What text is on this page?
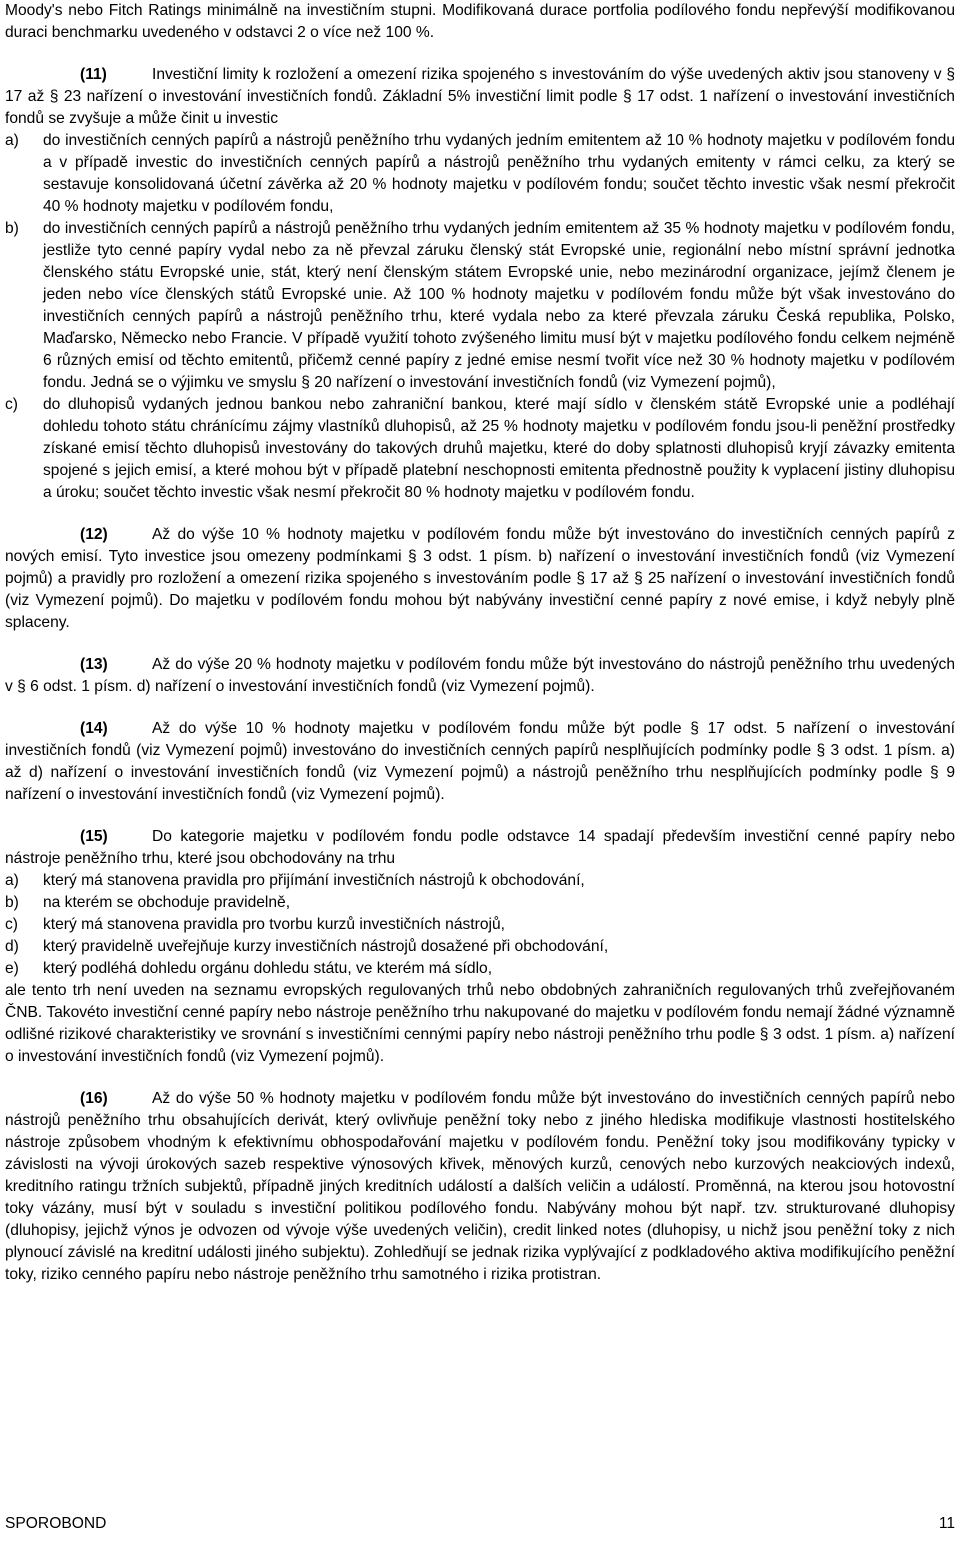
Moody's nebo Fitch Ratings minimálně na investičním stupni. Modifikovaná durace portfolia podílového fondu nepřevýší modifikovanou duraci benchmarku uvedeného v odstavci 2 o více než 100 %.

(11)	Investiční limity k rozložení a omezení rizika spojeného s investováním do výše uvedených aktiv jsou stanoveny v § 17 až § 23 nařízení o investování investičních fondů. Základní 5% investiční limit podle § 17 odst. 1 nařízení o investování investičních fondů se zvyšuje a může činit u investic

a)	do investičních cenných papírů a nástrojů peněžního trhu vydaných jedním emitentem až 10 % hodnoty majetku v podílovém fondu a v případě investic do investičních cenných papírů a nástrojů peněžního trhu vydaných emitenty v rámci celku, za který se sestavuje konsolidovaná účetní závěrka až 20 % hodnoty majetku v podílovém fondu; součet těchto investic však nesmí překročit 40 % hodnoty majetku v podílovém fondu,
b)	do investičních cenných papírů a nástrojů peněžního trhu vydaných jedním emitentem až 35 % hodnoty majetku v podílovém fondu, jestliže tyto cenné papíry vydal nebo za ně převzal záruku členský stát Evropské unie, regionální nebo místní správní jednotka členského státu Evropské unie, stát, který není členským státem Evropské unie, nebo mezinárodní organizace, jejímž členem je jeden nebo více členských států Evropské unie. Až 100 % hodnoty majetku v podílovém fondu může být však investováno do investičních cenných papírů a nástrojů peněžního trhu, které vydala nebo za které převzala záruku Česká republika, Polsko, Maďarsko, Německo nebo Francie. V případě využití tohoto zvýšeného limitu musí být v majetku podílového fondu celkem nejméně 6 různých emisí od těchto emitentů, přičemž cenné papíry z jedné emise nesmí tvořit více než 30 % hodnoty majetku v podílovém fondu. Jedná se o výjimku ve smyslu § 20 nařízení o investování investičních fondů (viz Vymezení pojmů),
c)	do dluhopisů vydaných jednou bankou nebo zahraniční bankou, které mají sídlo v členském státě Evropské unie a podléhají dohledu tohoto státu chránícímu zájmy vlastníků dluhopisů, až 25 % hodnoty majetku v podílovém fondu jsou-li peněžní prostředky získané emisí těchto dluhopisů investovány do takových druhů majetku, které do doby splatnosti dluhopisů kryjí závazky emitenta spojené s jejich emisí, a které mohou být v případě platební neschopnosti emitenta přednostně použity k vyplacení jistiny dluhopisu a úroku; součet těchto investic však nesmí překročit 80 % hodnoty majetku v podílovém fondu.

(12)	Až do výše 10 % hodnoty majetku v podílovém fondu může být investováno do investičních cenných papírů z nových emisí. Tyto investice jsou omezeny podmínkami § 3 odst. 1 písm. b) nařízení o investování investičních fondů (viz Vymezení pojmů) a pravidly pro rozložení a omezení rizika spojeného s investováním podle § 17 až § 25 nařízení o investování investičních fondů (viz Vymezení pojmů). Do majetku v podílovém fondu mohou být nabývány investiční cenné papíry z nové emise, i když nebyly plně splaceny.

(13)	Až do výše 20 % hodnoty majetku v podílovém fondu může být investováno do nástrojů peněžního trhu uvedených v § 6 odst. 1 písm. d) nařízení o investování investičních fondů (viz Vymezení pojmů).

(14)	Až do výše 10 % hodnoty majetku v podílovém fondu může být podle § 17 odst. 5 nařízení o investování investičních fondů (viz Vymezení pojmů) investováno do investičních cenných papírů nesplňujících podmínky podle § 3 odst. 1 písm. a) až d) nařízení o investování investičních fondů (viz Vymezení pojmů) a nástrojů peněžního trhu nesplňujících podmínky podle § 9 nařízení o investování investičních fondů (viz Vymezení pojmů).

(15)	Do kategorie majetku v podílovém fondu podle odstavce 14 spadají především investiční cenné papíry nebo nástroje peněžního trhu, které jsou obchodovány na trhu

a)	který má stanovena pravidla pro přijímání investičních nástrojů k obchodování,
b)	na kterém se obchoduje pravidelně,
c)	který má stanovena pravidla pro tvorbu kurzů investičních nástrojů,
d)	který pravidelně uveřejňuje kurzy investičních nástrojů dosažené při obchodování,
e)	který podléhá dohledu orgánu dohledu státu, ve kterém má sídlo,

ale tento trh není uveden na seznamu evropských regulovaných trhů nebo obdobných zahraničních regulovaných trhů zveřejňovaném ČNB. Takovéto investiční cenné papíry nebo nástroje peněžního trhu nakupované do majetku v podílovém fondu nemají žádné významně odlišné rizikové charakteristiky ve srovnání s investičními cennými papíry nebo nástroji peněžního trhu podle § 3 odst. 1 písm. a) nařízení o investování investičních fondů (viz Vymezení pojmů).

(16)	Až do výše 50 % hodnoty majetku v podílovém fondu může být investováno do investičních cenných papírů nebo nástrojů peněžního trhu obsahujících derivát, který ovlivňuje peněžní toky nebo z jiného hlediska modifikuje vlastnosti hostitelského nástroje způsobem vhodným k efektivnímu obhospodařování majetku v podílovém fondu. Peněžní toky jsou modifikovány typicky v závislosti na vývoji úrokových sazeb respektive výnosových křivek, měnových kurzů, cenových nebo kurzových neakciových indexů, kreditního ratingu tržních subjektů, případně jiných kreditních událostí a dalších veličin a událostí. Proměnná, na kterou jsou hotovostní toky vázány, musí být v souladu s investiční politikou podílového fondu. Nabývány mohou být např. tzv. strukturované dluhopisy (dluhopisy, jejichž výnos je odvozen od vývoje výše uvedených veličin), credit linked notes (dluhopisy, u nichž jsou peněžní toky z nich plynoucí závislé na kreditní události jiného subjektu). Zohledňují se jednak rizika vyplývající z podkladového aktiva modifikujícího peněžní toky, riziko cenného papíru nebo nástroje peněžního trhu samotného i rizika protistran.

SPOROBOND	11
